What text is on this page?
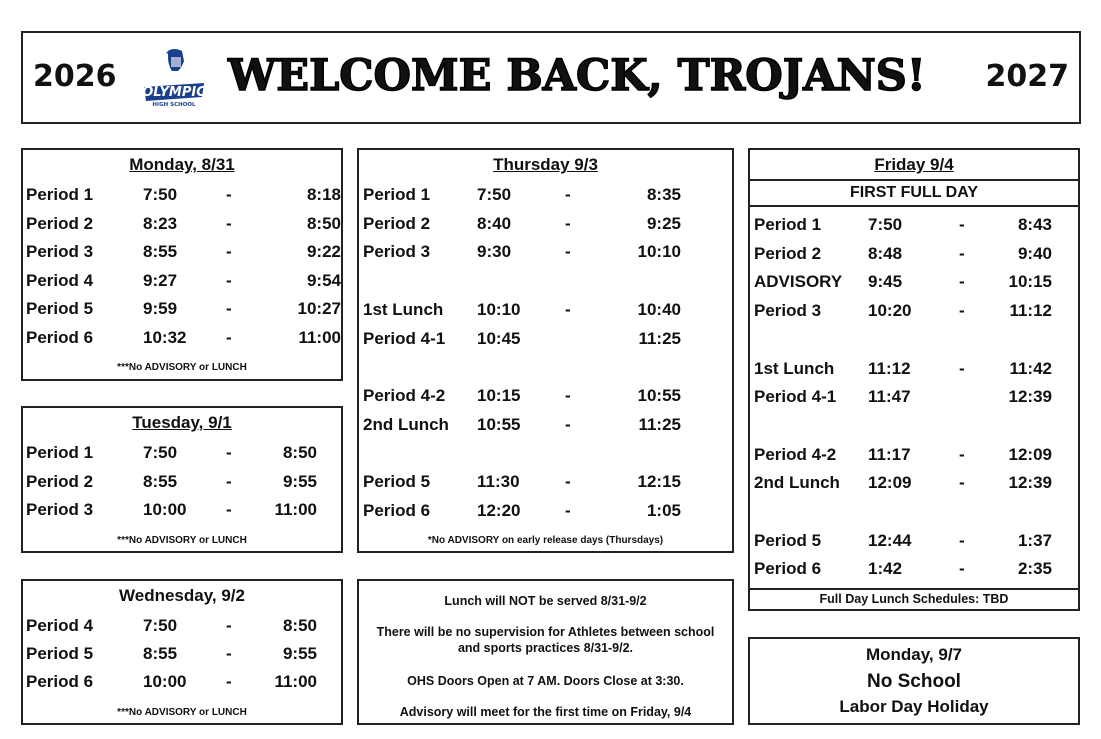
2026 OLYMPIC
HIGH SCHOOL
WELCOME BACK, TROJANS! 2027
Monday, 8/31
Period 1	7:50	-	8:18
Period 2	8:23	-	8:50
Period 3	8:55	-	9:22
Period 4	9:27	-	9:54
Period 5	9:59	-	10:27
Period 6	10:32 -	11:00
***No ADVISORY or LUNCH
Tuesday, 9/1
Period 1	7:50	-	8:50
Period 2	8:55	-	9:55
Period 3	10:00 -	11:00
***No ADVISORY or LUNCH
Wednesday, 9/2
Period 4	7:50	-	8:50
Period 5	8:55	-	9:55
Period 6	10:00 -	11:00
***No ADVISORY or LUNCH
Thursday 9/3
Period 1	7:50	-	8:35
Period 2	8:40	-	9:25
Period 3	9:30	-	10:10
1st Lunch 10:10	-	10:40
Period 4-1 10:45	11:25
Period 4-2 10:15	-	10:55
2nd Lunch 10:55	-	11:25
Period 5	11:30	-	12:15
Period 6	12:20	-	1:05
*No ADVISORY on early release days (Thursdays)

Lunch will NOT be served 8/31-9/2

There will be no supervision for Athletes between school

and sports practices 8/31-9/2.

OHS Doors Open at 7 AM. Doors Close at 3:30.

Advisory will meet for the first time on Friday, 9/4

Friday 9/4
FIRST FULL DAY
Period 1	7:50	-	8:43
Period 2	8:48	-	9:40
ADVISORY 9:45	-	10:15
Period 3	10:20	-	11:12
1st Lunch 11:12	-	11:42
Period 4-1 11:47	12:39
Period 4-2 11:17	-	12:09
2nd Lunch 12:09	-	12:39
Period 5	12:44	-	1:37
Period 6	1:42	-	2:35
Full Day Lunch Schedules: TBD
Monday, 9/7
No School
Labor Day Holiday
